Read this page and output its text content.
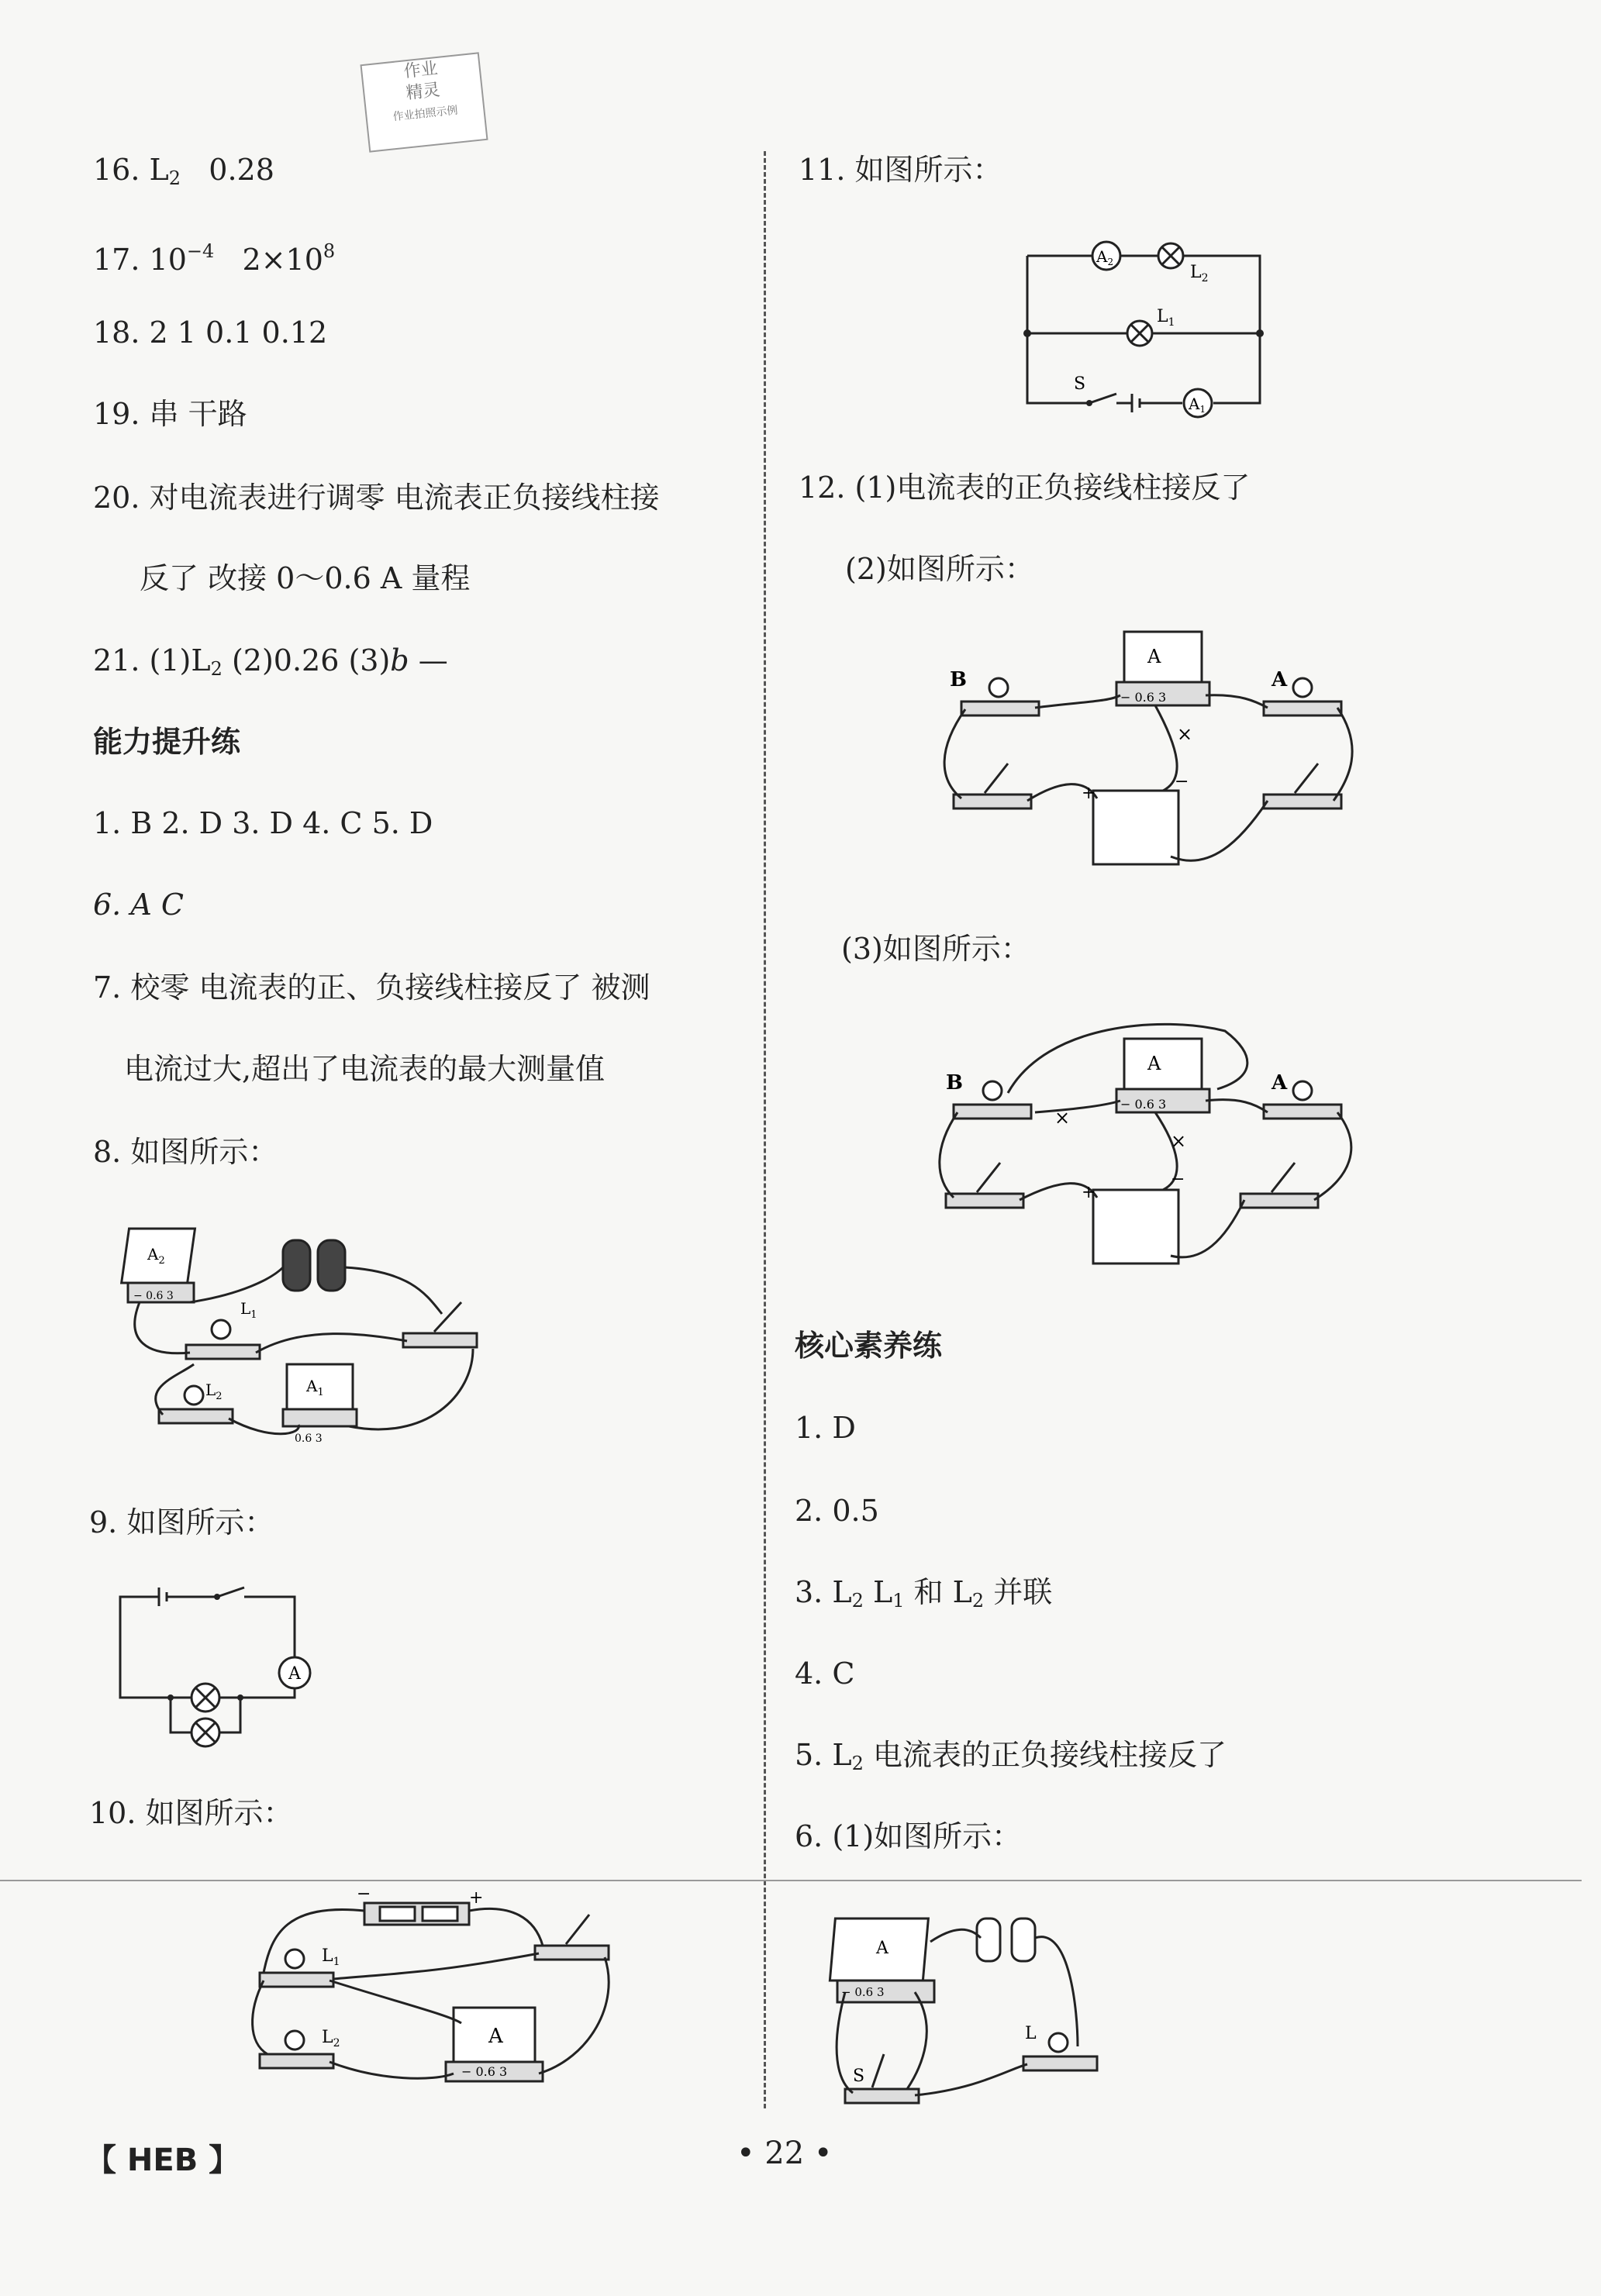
作业
精灵
作业拍照示例
16. $L_2$ 0.28
17. $10^{-4}$ $2\times 10^8$
18. 2 1 0.1 0.12
19. 串 干路
20. 对电流表进行调零 电流表正负接线柱接
反了 改接 0～0.6 A 量程
21. $(1)L_2$ (2)0.26 (3)b —
能力提升练
1. B 2. D 3. D 4. C 5. D
6. A C
7. 校零 电流表的正、负接线柱接反了 被测
电流过大,超出了电流表的最大测量值
8. 如图所示：
$A_2$
− 0.6 3
$L_1$
$L_2$
$A_1$
0.6 3
9. 如图所示：
A
10. 如图所示：
−	+
$L_1$
$L_2$	A
− 0.6 3
11. 如图所示：
$A_2$
$L_2$
$L_1$
S
$A_1$
12. (1)电流表的正负接线柱接反了
(2)如图所示：
A
− 0.6 3
B	A
+
−
×
(3)如图所示：
A
− 0.6 3
B	A
+
−
×
×
核心素养练
1. D
2. 0.5
3. $L_2$ $L_1$ 和 $L_2$ 并联
4. C
5. $L_2$ 电流表的正负接线柱接反了
6. (1)如图所示：
A
− 0.6 3
L
S
【 HEB 】	• 22 •
